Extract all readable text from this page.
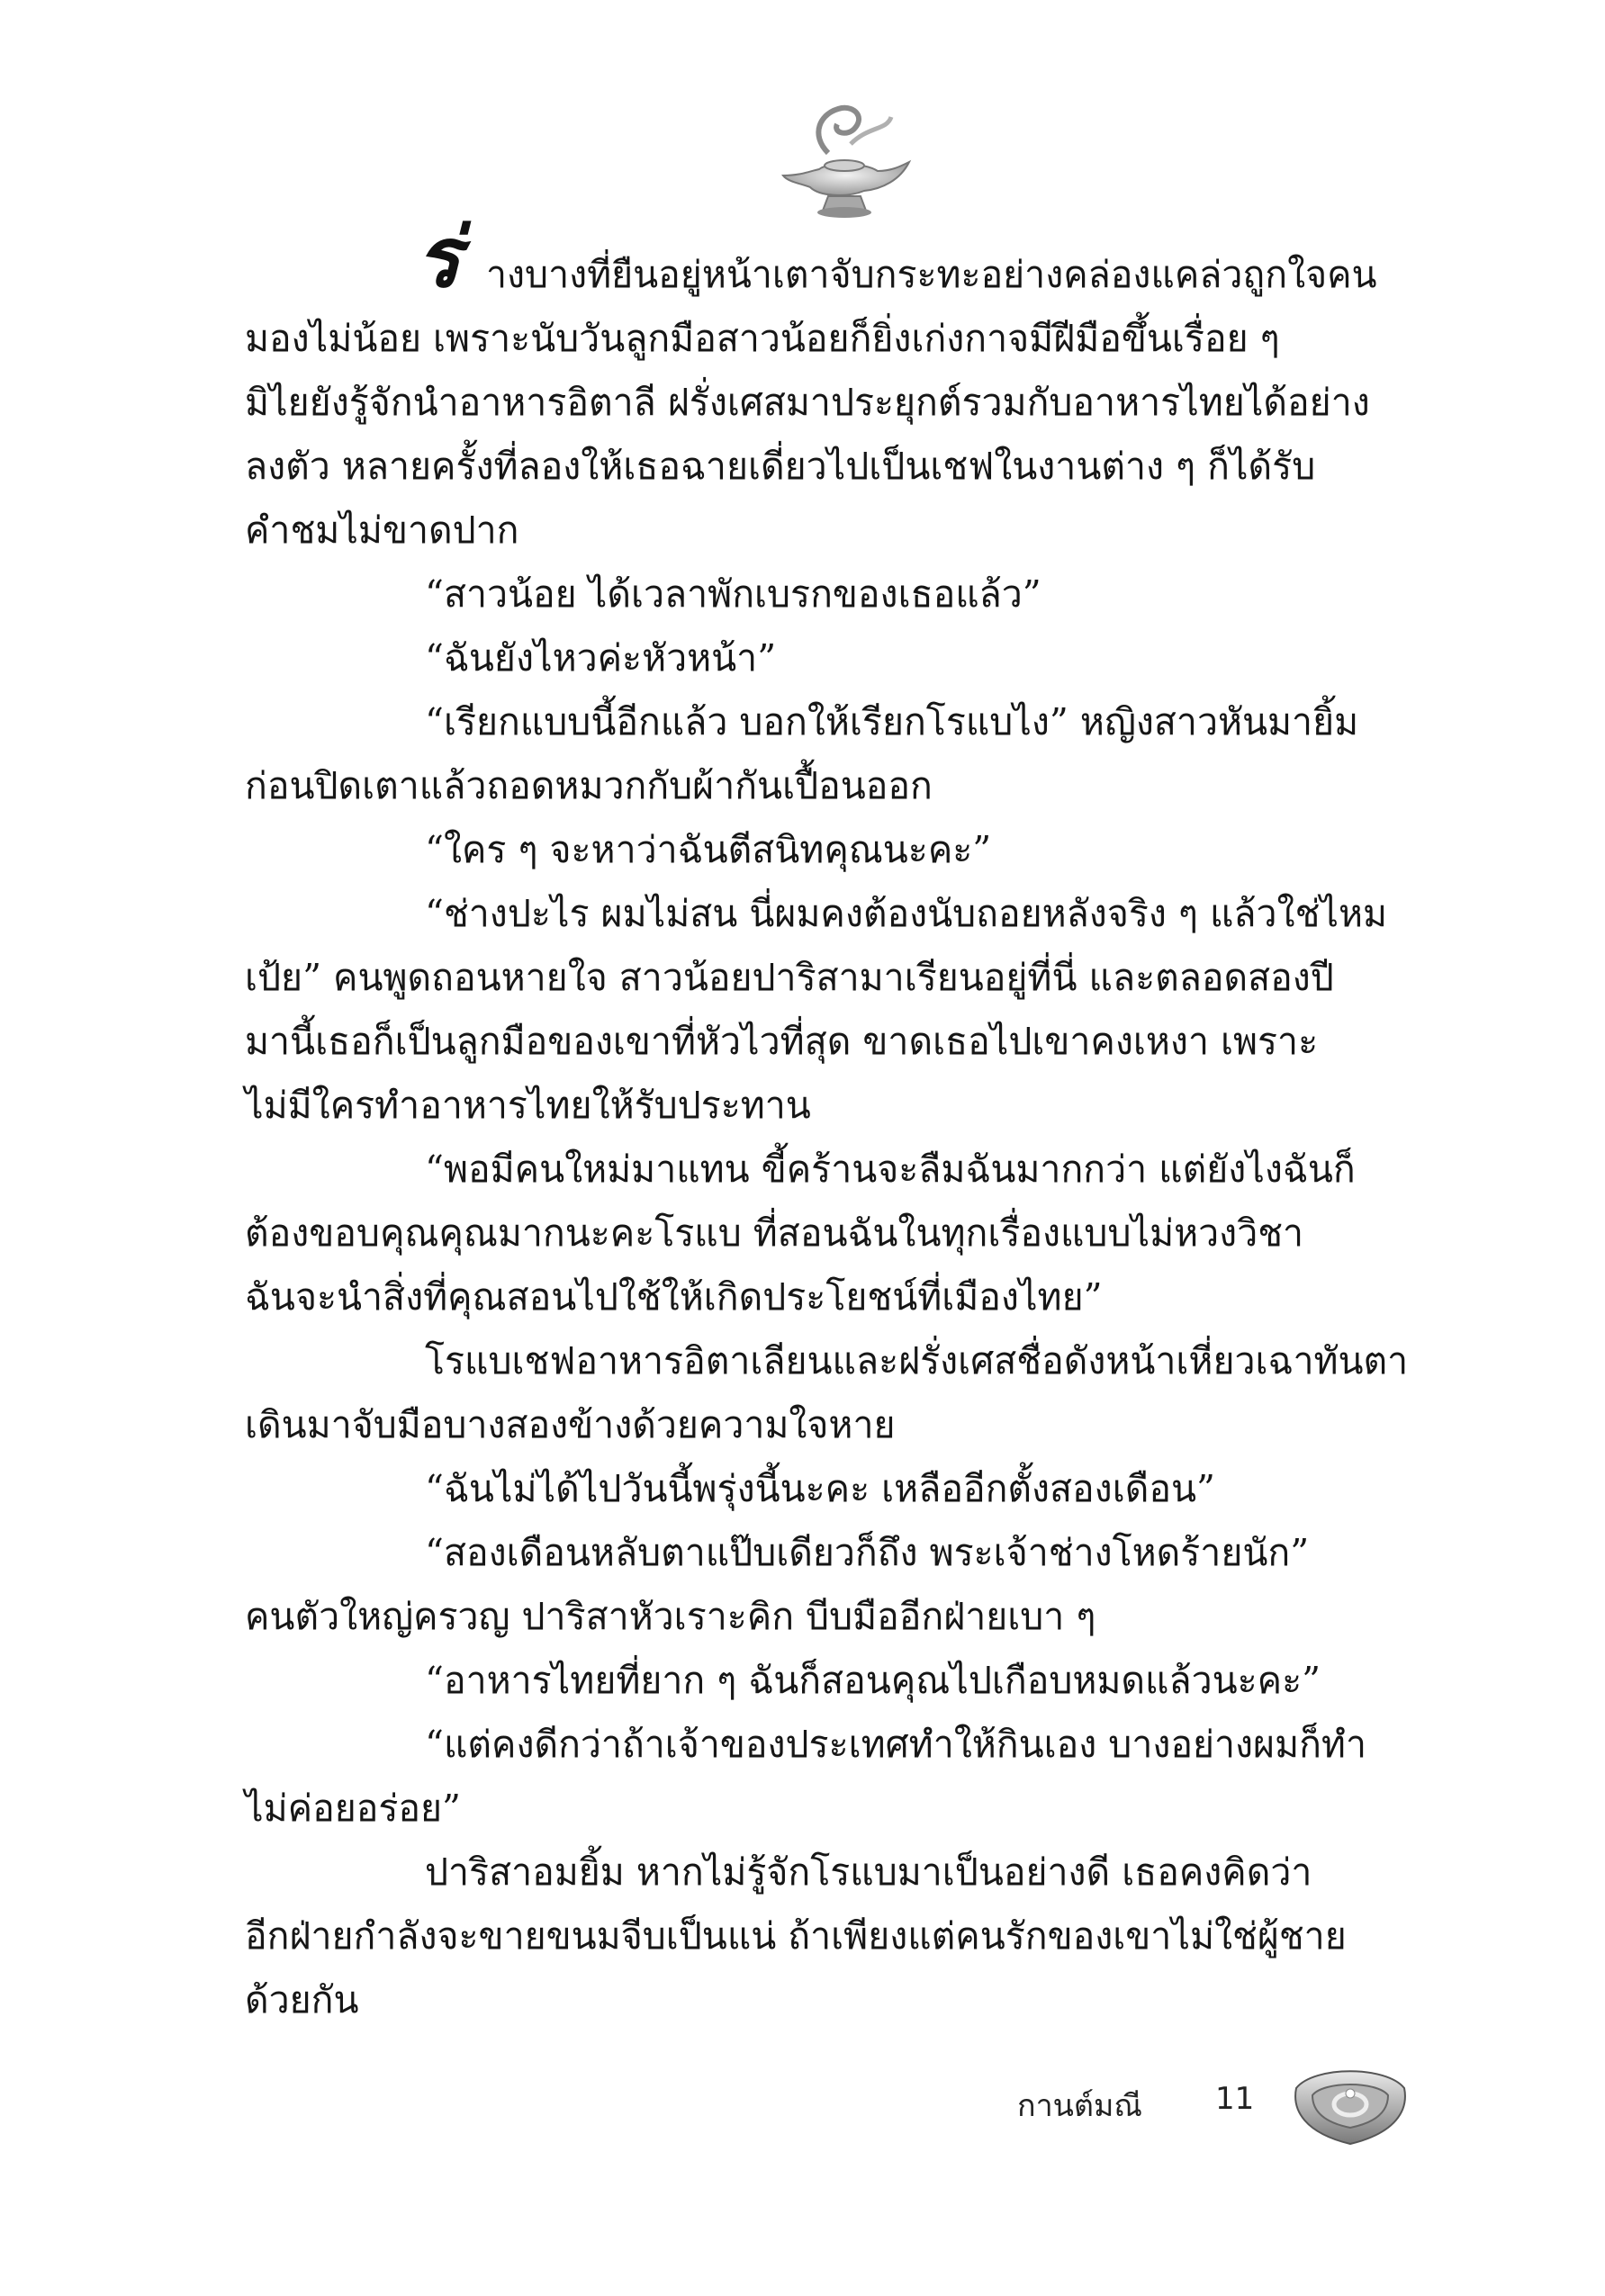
ร่ างบางที่ยืนอยู่หน้าเตาจับกระทะอย่างคล่องแคล่วถูกใจคน

มองไม่น้อย เพราะนับวันลูกมือสาวน้อยก็ยิ่งเก่งกาจมีฝีมือขึ้นเรื่อย ๆ

มิไยยังรู้จักนำอาหารอิตาลี ฝรั่งเศสมาประยุกต์รวมกับอาหารไทยได้อย่าง

ลงตัว หลายครั้งที่ลองให้เธอฉายเดี่ยวไปเป็นเชฟในงานต่าง ๆ ก็ได้รับ

คำชมไม่ขาดปาก

“สาวน้อย ได้เวลาพักเบรกของเธอแล้ว”

“ฉันยังไหวค่ะหัวหน้า”

“เรียกแบบนี้อีกแล้ว บอกให้เรียกโรแบไง” หญิงสาวหันมายิ้ม

ก่อนปิดเตาแล้วถอดหมวกกับผ้ากันเปื้อนออก

“ใคร ๆ จะหาว่าฉันตีสนิทคุณนะคะ”

“ช่างปะไร ผมไม่สน นี่ผมคงต้องนับถอยหลังจริง ๆ แล้วใช่ไหม

เป้ย” คนพูดถอนหายใจ สาวน้อยปาริสามาเรียนอยู่ที่นี่ และตลอดสองปี

มานี้เธอก็เป็นลูกมือของเขาที่หัวไวที่สุด ขาดเธอไปเขาคงเหงา เพราะ

ไม่มีใครทำอาหารไทยให้รับประทาน

“พอมีคนใหม่มาแทน ขี้คร้านจะลืมฉันมากกว่า แต่ยังไงฉันก็

ต้องขอบคุณคุณมากนะคะโรแบ ที่สอนฉันในทุกเรื่องแบบไม่หวงวิชา

ฉันจะนำสิ่งที่คุณสอนไปใช้ให้เกิดประโยชน์ที่เมืองไทย”

โรแบเชฟอาหารอิตาเลียนและฝรั่งเศสชื่อดังหน้าเหี่ยวเฉาทันตา

เดินมาจับมือบางสองข้างด้วยความใจหาย

“ฉันไม่ได้ไปวันนี้พรุ่งนี้นะคะ เหลืออีกตั้งสองเดือน”

“สองเดือนหลับตาแป๊บเดียวก็ถึง พระเจ้าช่างโหดร้ายนัก”

คนตัวใหญ่ครวญ ปาริสาหัวเราะคิก บีบมืออีกฝ่ายเบา ๆ

“อาหารไทยที่ยาก ๆ ฉันก็สอนคุณไปเกือบหมดแล้วนะคะ”

“แต่คงดีกว่าถ้าเจ้าของประเทศทำให้กินเอง บางอย่างผมก็ทำ

ไม่ค่อยอร่อย”

ปาริสาอมยิ้ม หากไม่รู้จักโรแบมาเป็นอย่างดี เธอคงคิดว่า

อีกฝ่ายกำลังจะขายขนมจีบเป็นแน่ ถ้าเพียงแต่คนรักของเขาไม่ใช่ผู้ชาย

ด้วยกัน

กานต์มณี 11
